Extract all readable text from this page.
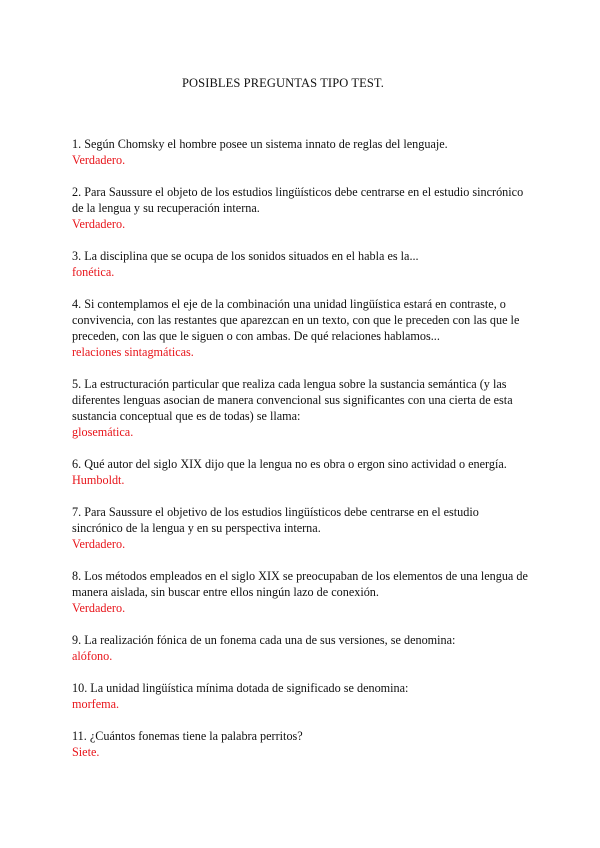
POSIBLES PREGUNTAS TIPO TEST.
1. Según Chomsky el hombre posee un sistema innato de reglas del lenguaje.
Verdadero.
2. Para Saussure el objeto de los estudios lingüísticos debe centrarse en el estudio sincrónico
de la lengua y su recuperación interna.
Verdadero.
3. La disciplina que se ocupa de los sonidos situados en el habla es la...
fonética.
4. Si contemplamos el eje de la combinación una unidad lingüística estará en contraste, o
convivencia, con las restantes que aparezcan en un texto, con que le preceden con las que le
preceden, con las que le siguen o con ambas. De qué relaciones hablamos...
relaciones sintagmáticas.
5. La estructuración particular que realiza cada lengua sobre la sustancia semántica (y las
diferentes lenguas asocian de manera convencional sus significantes con una cierta de esta
sustancia conceptual que es de todas) se llama:
glosemática.
6. Qué autor del siglo XIX dijo que la lengua no es obra o ergon sino actividad o energía.
Humboldt.
7. Para Saussure el objetivo de los estudios lingüísticos debe centrarse en el estudio
sincrónico de la lengua y en su perspectiva interna.
Verdadero.
8. Los métodos empleados en el siglo XIX se preocupaban de los elementos de una lengua de
manera aislada, sin buscar entre ellos ningún lazo de conexión.
Verdadero.
9. La realización fónica de un fonema cada una de sus versiones, se denomina:
alófono.
10. La unidad lingüística mínima dotada de significado se denomina:
morfema.
11. ¿Cuántos fonemas tiene la palabra perritos?
Siete.
